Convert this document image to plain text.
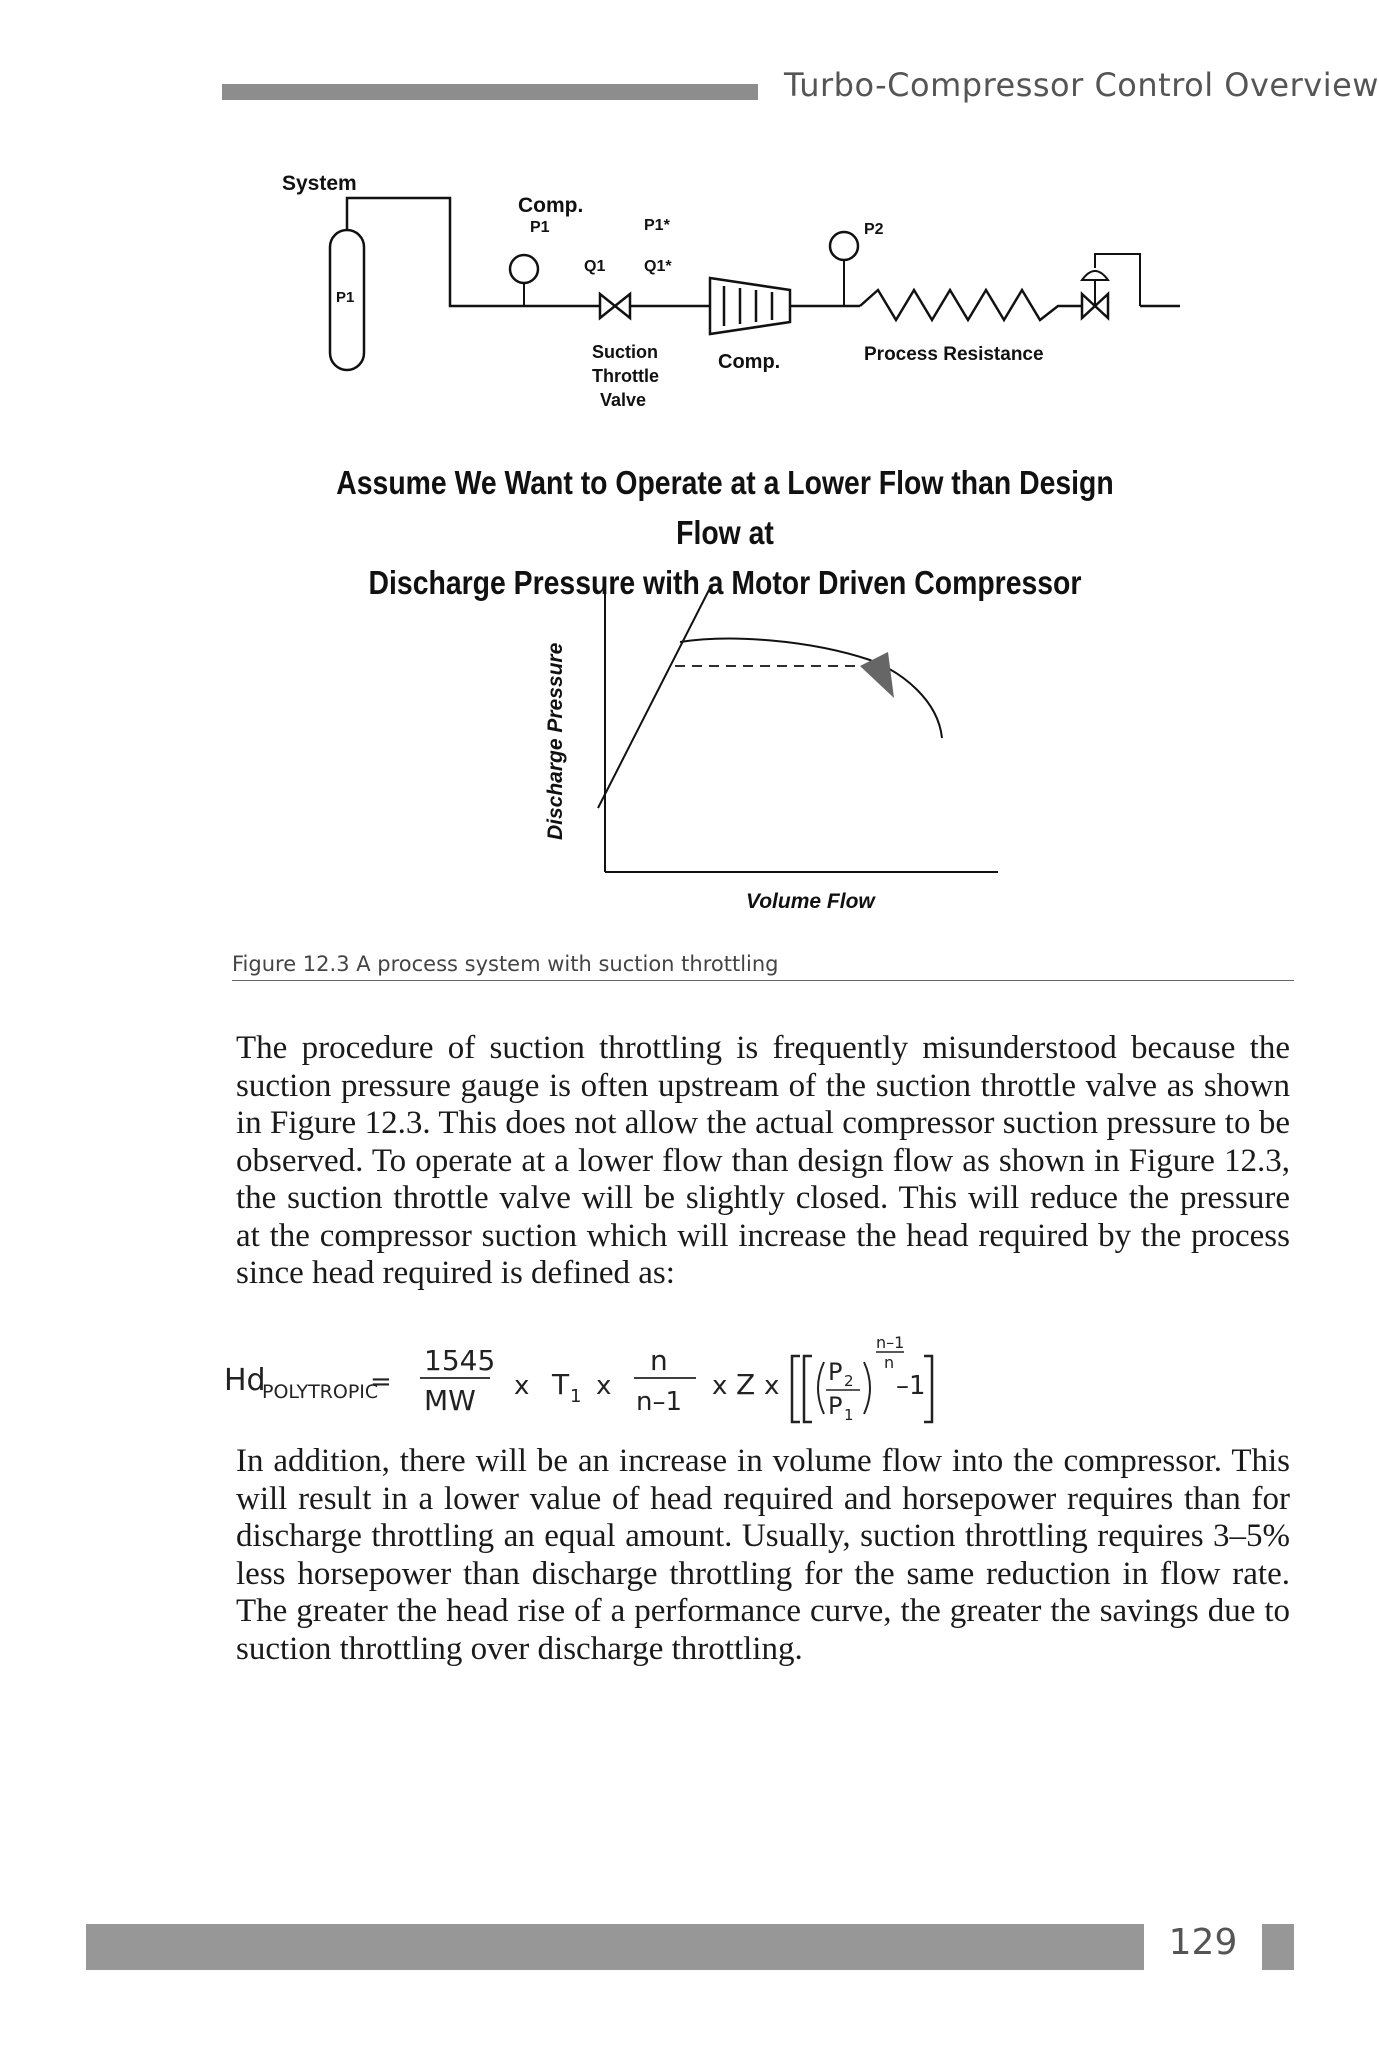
Turbo-Compressor Control Overview
System
P1
Comp.
P1
Q1
P1*
Q1*
Suction
Throttle
Valve
Comp.
P2
Process Resistance
Assume We Want to Operate at a Lower Flow than Design Flow at
Discharge Pressure with a Motor Driven Compressor
Discharge Pressure
Volume Flow
Figure 12.3 A process system with suction throttling

The procedure of suction throttling is frequently misunderstood because the suction pressure gauge is often upstream of the suction throttle valve as shown in Figure 12.3. This does not allow the actual compressor suction pressure to be observed. To operate at a lower flow than design flow as shown in Figure 12.3, the suction throttle valve will be slightly closed. This will reduce the pressure at the compressor suction which will increase the head required by the process since head required is defined as:

Hd
POLYTROPIC
=
1545
MW x T 1 x
n
n–1
x Z x P 2
P 1
n–1
n
–1

In addition, there will be an increase in volume flow into the compressor. This will result in a lower value of head required and horsepower requires than for discharge throttling an equal amount. Usually, suction throttling requires 3–5% less horsepower than discharge throttling for the same reduction in flow rate. The greater the head rise of a performance curve, the greater the savings due to suction throttling over discharge throttling.

129
